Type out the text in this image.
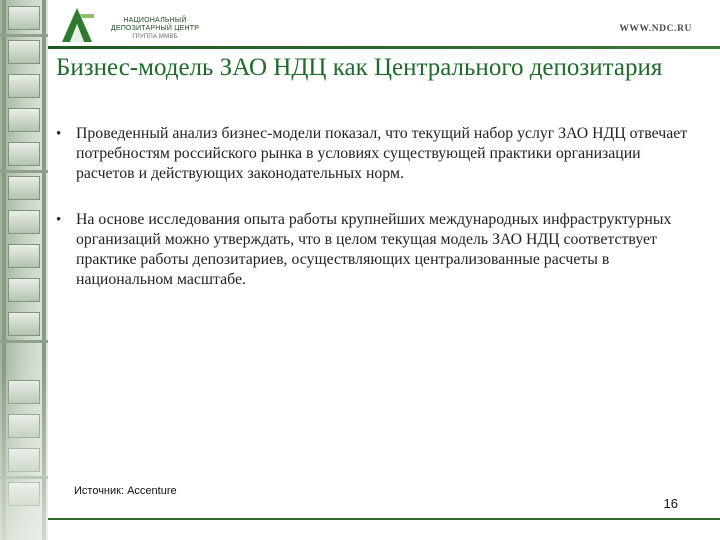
НАЦИОНАЛЬНЫЙ
ДЕПОЗИТАРНЫЙ ЦЕНТР
ГРУППА ММВБ
WWW.NDC.RU
Бизнес-модель ЗАО НДЦ как Центрального депозитария
• Проведенный анализ бизнес-модели показал, что текущий набор услуг ЗАО НДЦ отвечает потребностям российского рынка в условиях существующей практики организации расчетов и действующих законодательных норм.
• На основе исследования опыта работы крупнейших международных инфраструктурных организаций можно утверждать, что в целом текущая модель ЗАО НДЦ соответствует практике работы депозитариев, осуществляющих централизованные расчеты в национальном масштабе.
Источник: Accenture
16
